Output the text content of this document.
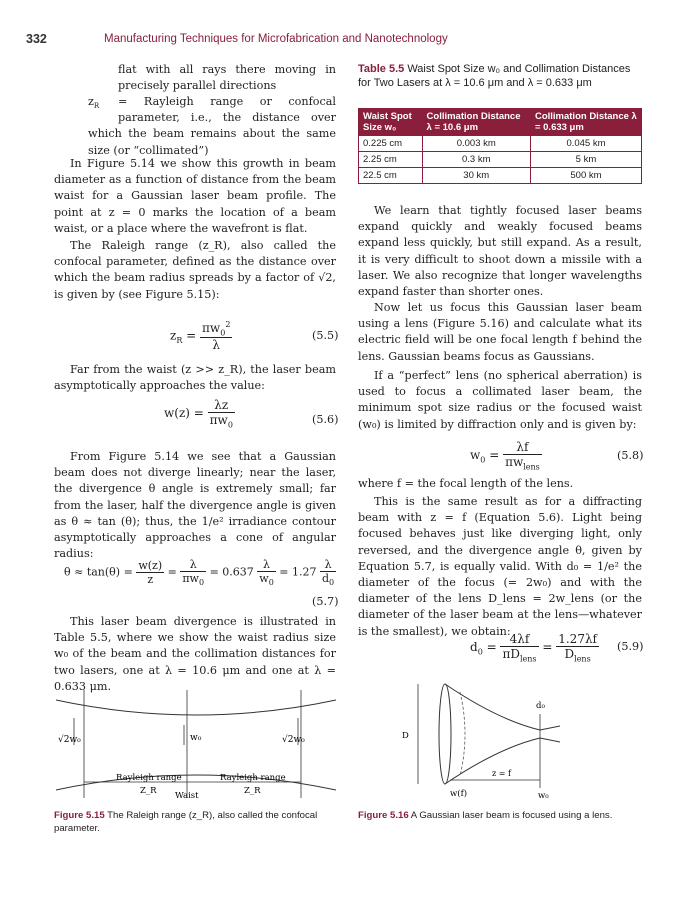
332	Manufacturing Techniques for Microfabrication and Nanotechnology

flat with all rays there moving in precisely parallel directions

$z_R$	= Rayleigh range or confocal parameter, i.e., the distance over which the beam remains about the same size (or “collimated”)

In Figure 5.14 we show this growth in beam diameter as a function of distance from the beam waist for a Gaussian laser beam profile. The point at z = 0 marks the location of a beam waist, or a place where the wavefront is flat.

The Raleigh range (z_R), also called the confocal parameter, defined as the distance over which the beam radius spreads by a factor of √2, is given by (see Figure 5.15):

$z_R = \frac{\pi w_0^2}{\lambda}$	(5.5)

Far from the waist (z >> z_R), the laser beam asymptotically approaches the value:

$w(z) = \frac{\lambda z}{\pi w_0}$	(5.6)

From Figure 5.14 we see that a Gaussian beam does not diverge linearly; near the laser, the divergence θ angle is extremely small; far from the laser, half the divergence angle is given as θ ≈ tan (θ); thus, the 1/e² irradiance contour asymptotically approaches a cone of angular radius:

$\theta \approx \tan(\theta) = \frac{w(z)}{z} = \frac{\lambda}{\pi w_0} = 0.637 \frac{\lambda}{w_0} = 1.27 \frac{\lambda}{d_0}$
(5.7)

This laser beam divergence is illustrated in Table 5.5, where we show the waist radius size w₀ of the beam and the collimation distances for two lasers, one at λ = 10.6 μm and one at λ = 0.633 μm.

√2w₀	w₀	√2w₀
Rayleigh range	Rayleigh range
Z_R	Z_R
Waist
Figure 5.15 The Raleigh range (z_R), also called the confocal parameter.
Table 5.5 Waist Spot Size w₀ and Collimation Distances for Two Lasers at λ = 10.6 μm and λ = 0.633 μm
Waist Spot Size w₀	Collimation Distance λ = 10.6 μm	Collimation Distance λ = 0.633 μm
0.225 cm	0.003 km	0.045 km
2.25 cm	0.3 km	5 km
22.5 cm	30 km	500 km

We learn that tightly focused laser beams expand quickly and weakly focused beams expand less quickly, but still expand. As a result, it is very difficult to shoot down a missile with a laser. We also recognize that longer wavelengths expand faster than shorter ones.

Now let us focus this Gaussian laser beam using a lens (Figure 5.16) and calculate what its electric field will be one focal length f behind the lens. Gaussian beams focus as Gaussians.

If a “perfect” lens (no spherical aberration) is used to focus a collimated laser beam, the minimum spot size radius or the focused waist (w₀) is limited by diffraction only and is given by:

$w_0 = \frac{\lambda f}{\pi w_{lens}}$	(5.8)

where f = the focal length of the lens.

This is the same result as for a diffracting beam with z = f (Equation 5.6). Light being focused behaves just like diverging light, only reversed, and the divergence angle θ, given by Equation 5.7, is equally valid. With d₀ = 1/e² the diameter of the focus (= 2w₀) and with the diameter of the lens D_lens = 2w_lens (or the diameter of the laser beam at the lens—whatever is the smallest), we obtain:

$d_0 = \frac{4\lambda f}{\pi D_{lens}} = \frac{1.27\lambda f}{D_{lens}} (5.9)$
d₀
D
z = f
w(f)	w₀
Figure 5.16 A Gaussian laser beam is focused using a lens.
